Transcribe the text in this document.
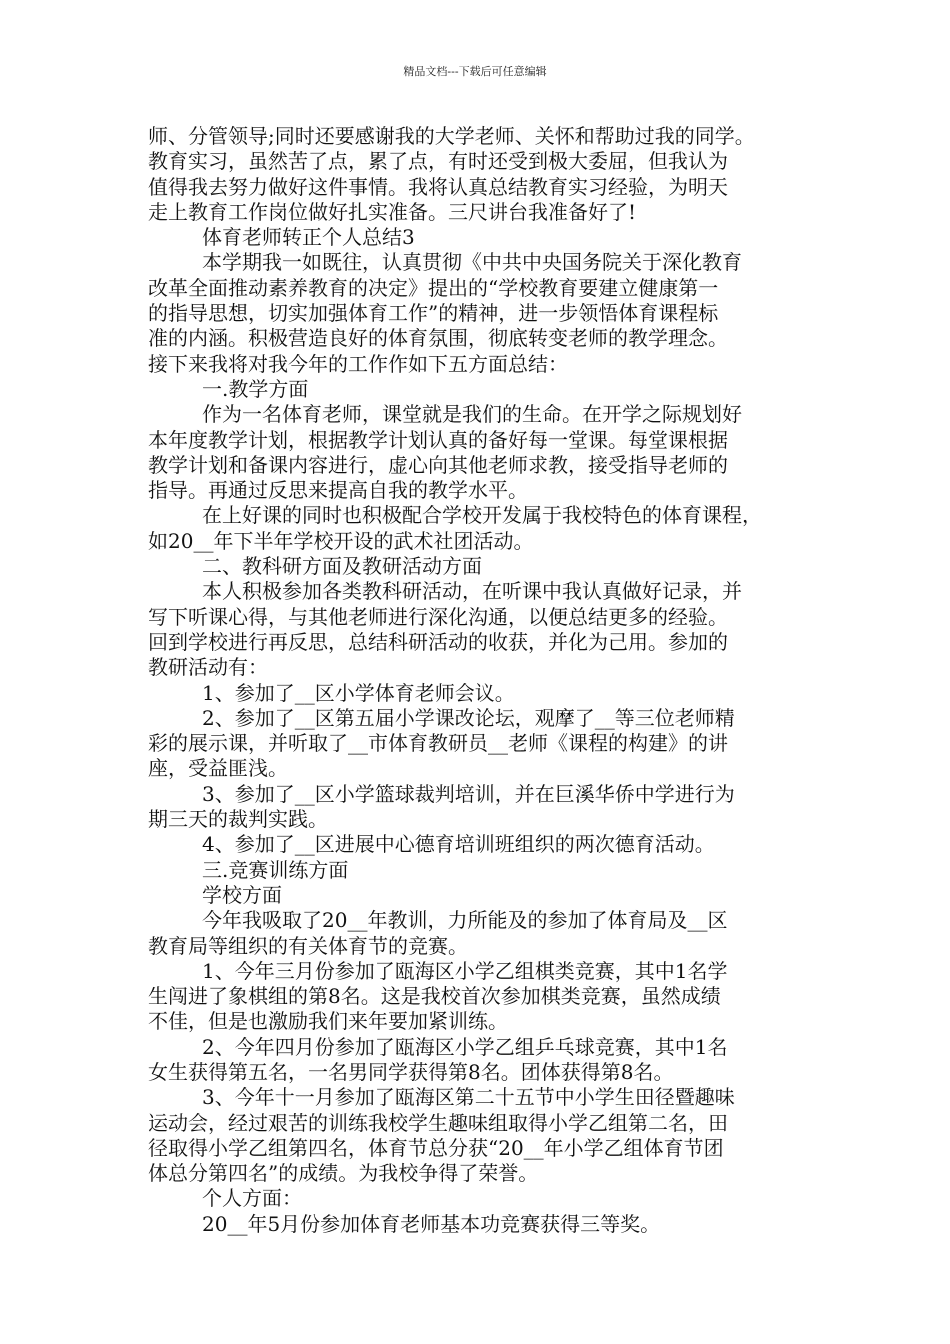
精品文档---下载后可任意编辑
师、分管领导;同时还要感谢我的大学老师、关怀和帮助过我的同学。
教育实习，虽然苦了点，累了点，有时还受到极大委屈，但我认为
值得我去努力做好这件事情。我将认真总结教育实习经验，为明天
走上教育工作岗位做好扎实准备。三尺讲台我准备好了!
体育老师转正个人总结3
本学期我一如既往，认真贯彻《中共中央国务院关于深化教育
改革全面推动素养教育的决定》提出的“学校教育要建立健康第一
的指导思想，切实加强体育工作”的精神，进一步领悟体育课程标
准的内涵。积极营造良好的体育氛围，彻底转变老师的教学理念。
接下来我将对我今年的工作作如下五方面总结：
一.教学方面
作为一名体育老师，课堂就是我们的生命。在开学之际规划好
本年度教学计划，根据教学计划认真的备好每一堂课。每堂课根据
教学计划和备课内容进行，虚心向其他老师求教，接受指导老师的
指导。再通过反思来提高自我的教学水平。
在上好课的同时也积极配合学校开发属于我校特色的体育课程，
如20__年下半年学校开设的武术社团活动。
二、教科研方面及教研活动方面
本人积极参加各类教科研活动，在听课中我认真做好记录，并
写下听课心得，与其他老师进行深化沟通，以便总结更多的经验。
回到学校进行再反思，总结科研活动的收获，并化为己用。参加的
教研活动有：
1、参加了__区小学体育老师会议。
2、参加了__区第五届小学课改论坛，观摩了__等三位老师精
彩的展示课，并听取了__市体育教研员__老师《课程的构建》的讲
座，受益匪浅。
3、参加了__区小学篮球裁判培训，并在巨溪华侨中学进行为
期三天的裁判实践。
4、参加了__区进展中心德育培训班组织的两次德育活动。
三.竞赛训练方面
学校方面
今年我吸取了20__年教训，力所能及的参加了体育局及__区
教育局等组织的有关体育节的竞赛。
1、今年三月份参加了瓯海区小学乙组棋类竞赛，其中1名学
生闯进了象棋组的第8名。这是我校首次参加棋类竞赛，虽然成绩
不佳，但是也激励我们来年要加紧训练。
2、今年四月份参加了瓯海区小学乙组乒乓球竞赛，其中1名
女生获得第五名，一名男同学获得第8名。团体获得第8名。
3、今年十一月参加了瓯海区第二十五节中小学生田径暨趣味
运动会，经过艰苦的训练我校学生趣味组取得小学乙组第二名，田
径取得小学乙组第四名，体育节总分获“20__年小学乙组体育节团
体总分第四名”的成绩。为我校争得了荣誉。
个人方面：
20__年5月份参加体育老师基本功竞赛获得三等奖。
